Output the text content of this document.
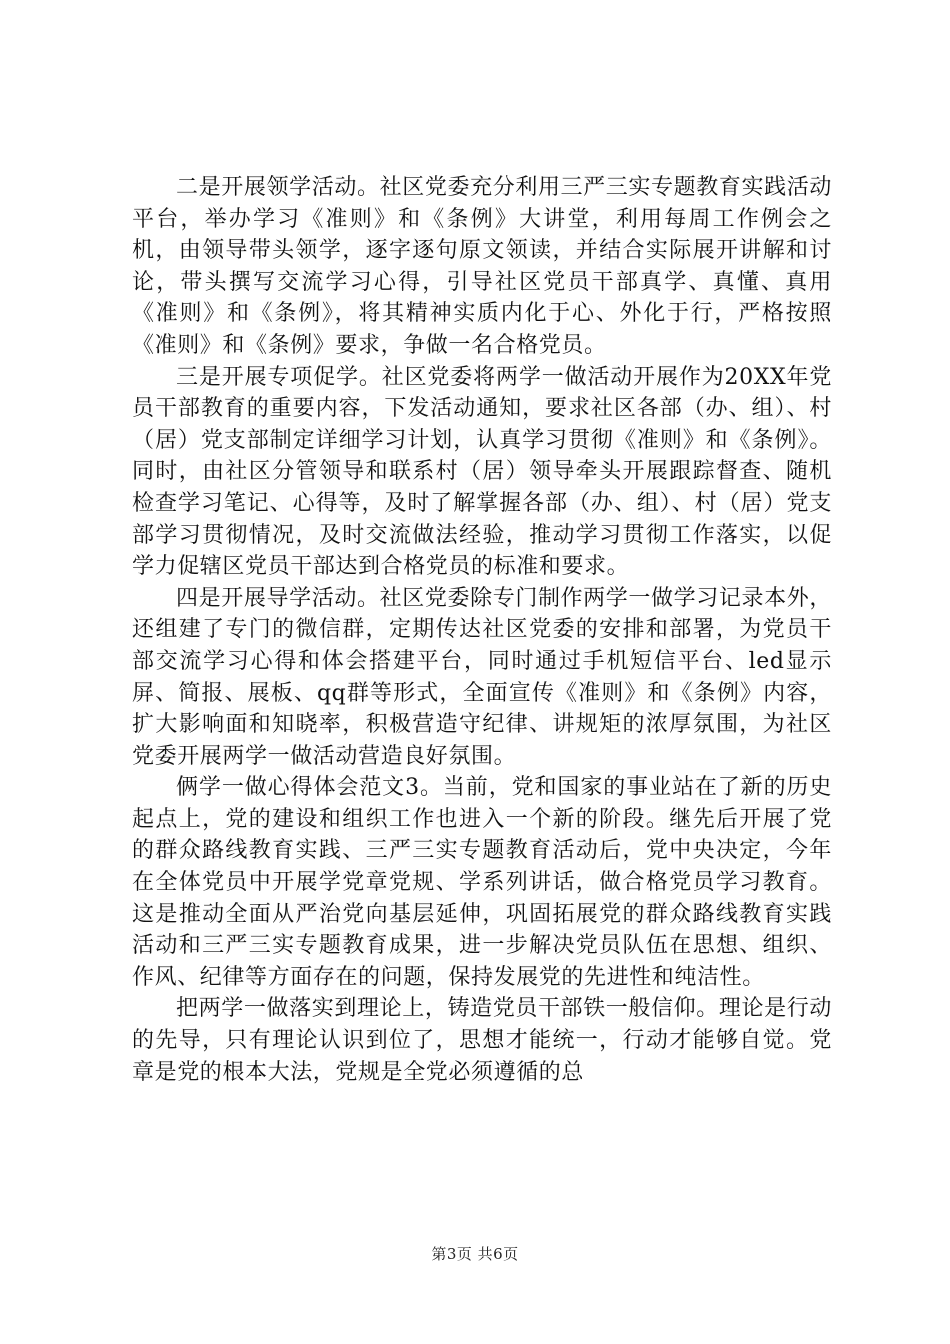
二是开展领学活动。社区党委充分利用三严三实专题教育实践活动平台，举办学习《准则》和《条例》大讲堂，利用每周工作例会之机，由领导带头领学，逐字逐句原文领读，并结合实际展开讲解和讨论，带头撰写交流学习心得，引导社区党员干部真学、真懂、真用《准则》和《条例》，将其精神实质内化于心、外化于行，严格按照《准则》和《条例》要求，争做一名合格党员。

三是开展专项促学。社区党委将两学一做活动开展作为20XX年党员干部教育的重要内容，下发活动通知，要求社区各部（办、组）、村（居）党支部制定详细学习计划，认真学习贯彻《准则》和《条例》。同时，由社区分管领导和联系村（居）领导牵头开展跟踪督查、随机检查学习笔记、心得等，及时了解掌握各部（办、组）、村（居）党支部学习贯彻情况，及时交流做法经验，推动学习贯彻工作落实，以促学力促辖区党员干部达到合格党员的标准和要求。

四是开展导学活动。社区党委除专门制作两学一做学习记录本外，还组建了专门的微信群，定期传达社区党委的安排和部署，为党员干部交流学习心得和体会搭建平台，同时通过手机短信平台、led显示屏、简报、展板、qq群等形式，全面宣传《准则》和《条例》内容，扩大影响面和知晓率，积极营造守纪律、讲规矩的浓厚氛围，为社区党委开展两学一做活动营造良好氛围。

俩学一做心得体会范文3。当前，党和国家的事业站在了新的历史起点上，党的建设和组织工作也进入一个新的阶段。继先后开展了党的群众路线教育实践、三严三实专题教育活动后，党中央决定，今年在全体党员中开展学党章党规、学系列讲话，做合格党员学习教育。这是推动全面从严治党向基层延伸，巩固拓展党的群众路线教育实践活动和三严三实专题教育成果，进一步解决党员队伍在思想、组织、作风、纪律等方面存在的问题，保持发展党的先进性和纯洁性。

把两学一做落实到理论上，铸造党员干部铁一般信仰。理论是行动的先导，只有理论认识到位了，思想才能统一，行动才能够自觉。党章是党的根本大法，党规是全党必须遵循的总

第3页 共6页
